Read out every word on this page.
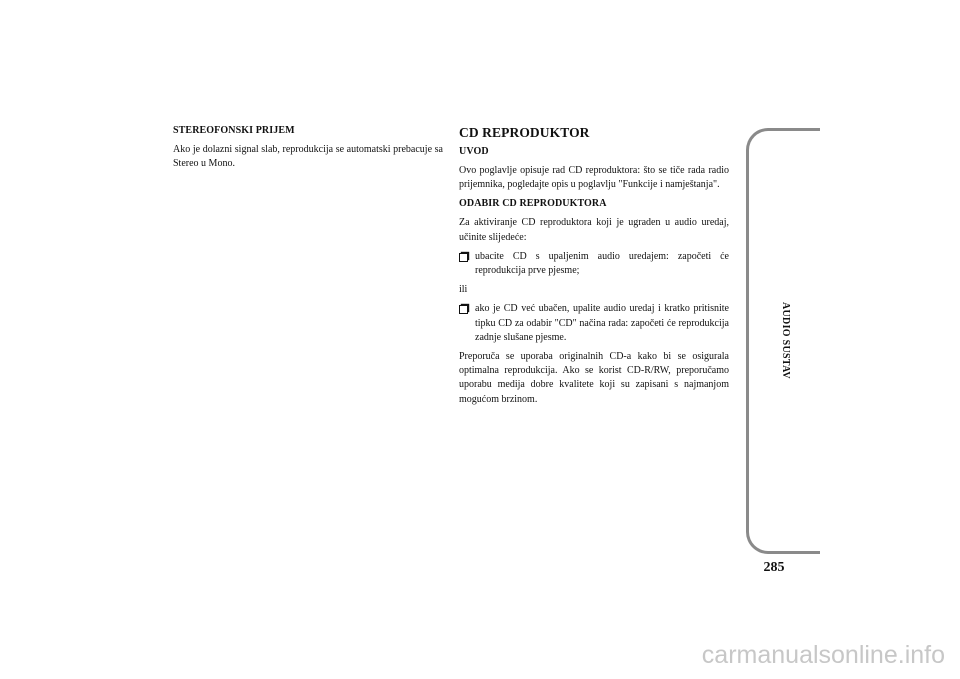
STEREOFONSKI PRIJEM
Ako je dolazni signal slab, reprodukcija se automatski prebacuje sa Stereo u Mono.
CD REPRODUKTOR
UVOD
Ovo poglavlje opisuje rad CD reproduktora: što se tiče rada radio prijemnika, pogledajte opis u poglavlju "Funkcije i namještanja".
ODABIR CD REPRODUKTORA
Za aktiviranje CD reproduktora koji je ugraden u audio uredaj, učinite slijedeće:
ubacite CD s upaljenim audio uredajem: započeti će reprodukcija prve pjesme;
ili
ako je CD već ubačen, upalite audio uredaj i kratko pritisnite tipku CD za odabir "CD" načina rada: započeti će reprodukcija zadnje slušane pjesme.
Preporuča se uporaba originalnih CD-a kako bi se osigurala optimalna reprodukcija. Ako se korist CD-R/RW, preporučamo uporabu medija dobre kvalitete koji su zapisani s najmanjom mogućom brzinom.
AUDIO SUSTAV
285
carmanualsonline.info
